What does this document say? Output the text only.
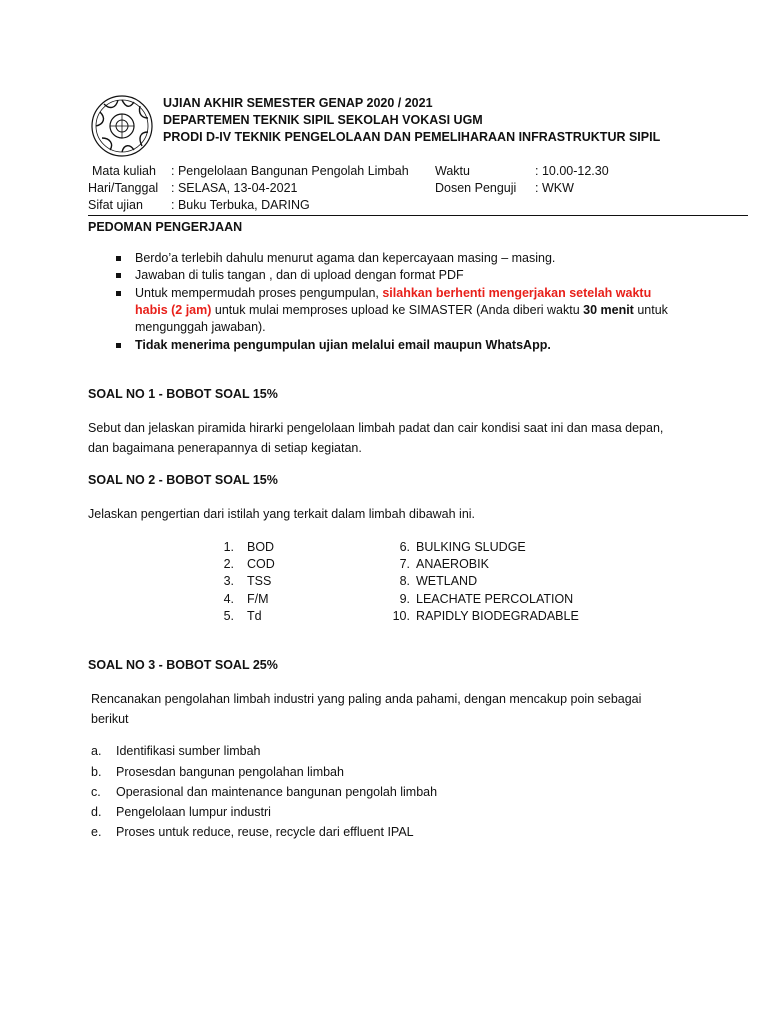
UJIAN AKHIR SEMESTER GENAP 2020 / 2021
DEPARTEMEN TEKNIK SIPIL SEKOLAH VOKASI UGM
PRODI D-IV TEKNIK PENGELOLAAN DAN PEMELIHARAAN INFRASTRUKTUR SIPIL
Mata kuliah : Pengelolaan Bangunan Pengolah Limbah
Hari/Tanggal : SELASA, 13-04-2021
Sifat ujian : Buku Terbuka, DARING
Waktu	: 10.00-12.30
Dosen Penguji : WKW
PEDOMAN PENGERJAAN
Berdo’a terlebih dahulu menurut agama dan kepercayaan masing – masing.
Jawaban di tulis tangan , dan di upload dengan format PDF
Untuk mempermudah proses pengumpulan, silahkan berhenti mengerjakan setelah waktu
habis (2 jam) untuk mulai memproses upload ke SIMASTER (Anda diberi waktu 30 menit untuk
mengunggah jawaban).
Tidak menerima pengumpulan ujian melalui email maupun WhatsApp.
SOAL NO 1 - BOBOT SOAL 15%
Sebut dan jelaskan piramida hirarki pengelolaan limbah padat dan cair kondisi saat ini dan masa depan,
dan bagaimana penerapannya di setiap kegiatan.
SOAL NO 2 - BOBOT SOAL 15%
Jelaskan pengertian dari istilah yang terkait dalam limbah dibawah ini.
1. BOD
2. COD
3. TSS
4. F/M
5. Td
6. BULKING SLUDGE
7. ANAEROBIK
8. WETLAND
9. LEACHATE PERCOLATION
10. RAPIDLY BIODEGRADABLE
SOAL NO 3 - BOBOT SOAL 25%
Rencanakan pengolahan limbah industri yang paling anda pahami, dengan mencakup poin sebagai
berikut
a. Identifikasi sumber limbah
b. Prosesdan bangunan pengolahan limbah
c. Operasional dan maintenance bangunan pengolah limbah
d. Pengelolaan lumpur industri
e. Proses untuk reduce, reuse, recycle dari effluent IPAL
